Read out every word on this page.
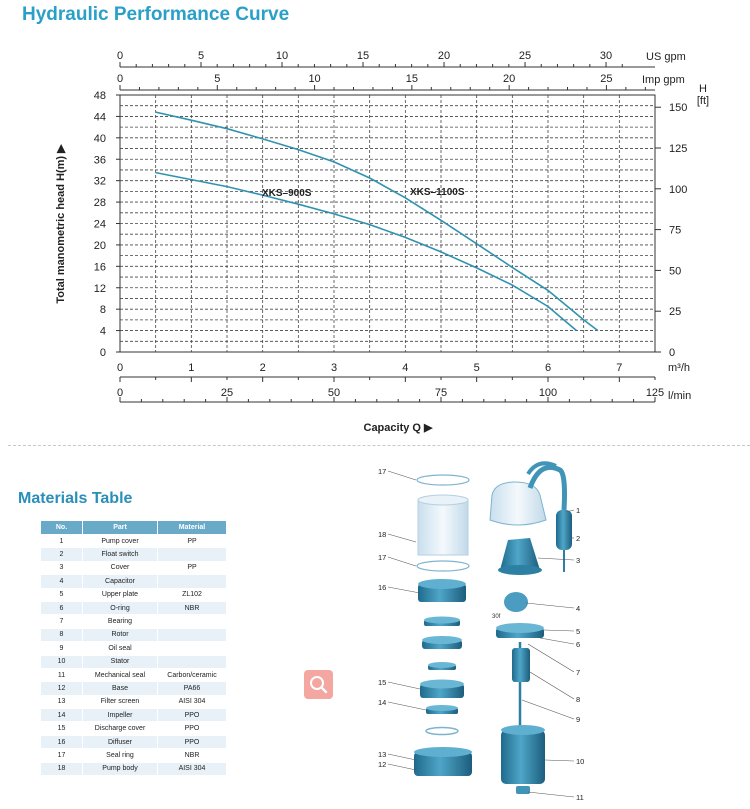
Hydraulic Performance Curve
0
4
8
12
16
20
24
28
32
36
40
44
48
Total manometric head H(m) ▶
0
25
50
75
100
125
150
H
[ft]
0	5	10	15	20	25	30	US gpm
0	5	10	15	20	25	Imp gpm
0	1	2	3	4	5	6	7	m³/h
0	25	50	75	100	125 l/min
Capacity Q ▶
XKS–900S	XKS–1100S
Materials Table
No.	Part	Material
1	Pump cover	PP
2	Float switch	
3	Cover	PP
4	Capacitor	
5	Upper plate	ZL102
6	O-ring	NBR
7	Bearing	
8	Rotor	
9	Oil seal	
10	Stator	
11	Mechanical seal	Carbon/ceramic
12	Base	PA66
13	Filter screen	AISI 304
14	Impeller	PPO
15	Discharge cover	PPO
16	Diffuser	PPO
17	Seal ring	NBR
18	Pump body	AISI 304
30f
17
18
17
16
15
14
13
12
1
2
3
4
5
6
7
8
9
10
11
